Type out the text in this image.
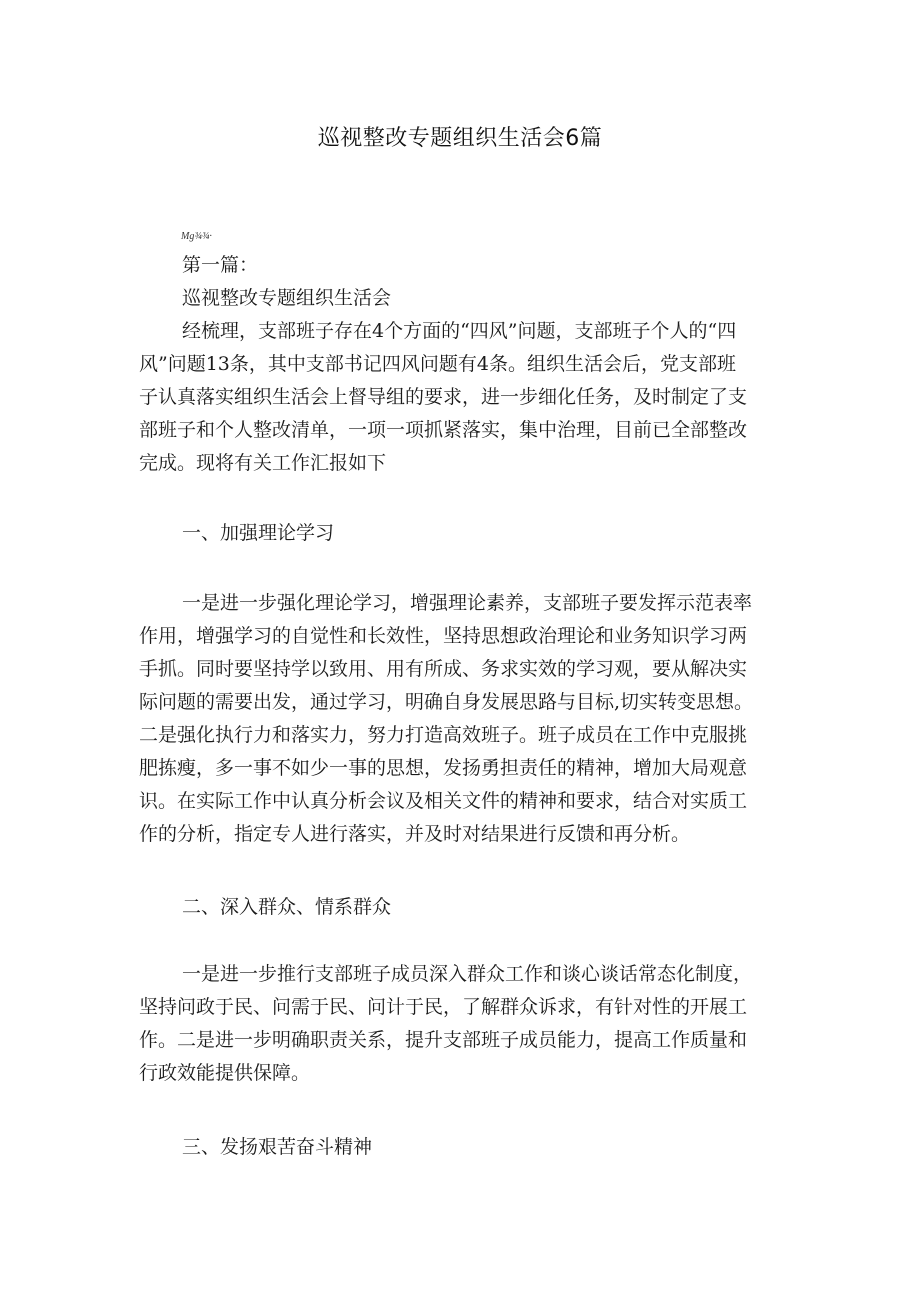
巡视整改专题组织生活会6篇
Mg¾¾·
第一篇：
巡视整改专题组织生活会
经梳理，支部班子存在4个方面的“四风”问题，支部班子个人的“四
风”问题13条，其中支部书记四风问题有4条。组织生活会后，党支部班
子认真落实组织生活会上督导组的要求，进一步细化任务，及时制定了支
部班子和个人整改清单，一项一项抓紧落实，集中治理，目前已全部整改
完成。现将有关工作汇报如下
一、加强理论学习
一是进一步强化理论学习，增强理论素养，支部班子要发挥示范表率
作用，增强学习的自觉性和长效性，坚持思想政治理论和业务知识学习两
手抓。同时要坚持学以致用、用有所成、务求实效的学习观，要从解决实
际问题的需要出发，通过学习，明确自身发展思路与目标,切实转变思想。
二是强化执行力和落实力，努力打造高效班子。班子成员在工作中克服挑
肥拣瘦，多一事不如少一事的思想，发扬勇担责任的精神，增加大局观意
识。在实际工作中认真分析会议及相关文件的精神和要求，结合对实质工
作的分析，指定专人进行落实，并及时对结果进行反馈和再分析。
二、深入群众、情系群众
一是进一步推行支部班子成员深入群众工作和谈心谈话常态化制度，
坚持问政于民、问需于民、问计于民，了解群众诉求，有针对性的开展工
作。二是进一步明确职责关系，提升支部班子成员能力，提高工作质量和
行政效能提供保障。
三、发扬艰苦奋斗精神
